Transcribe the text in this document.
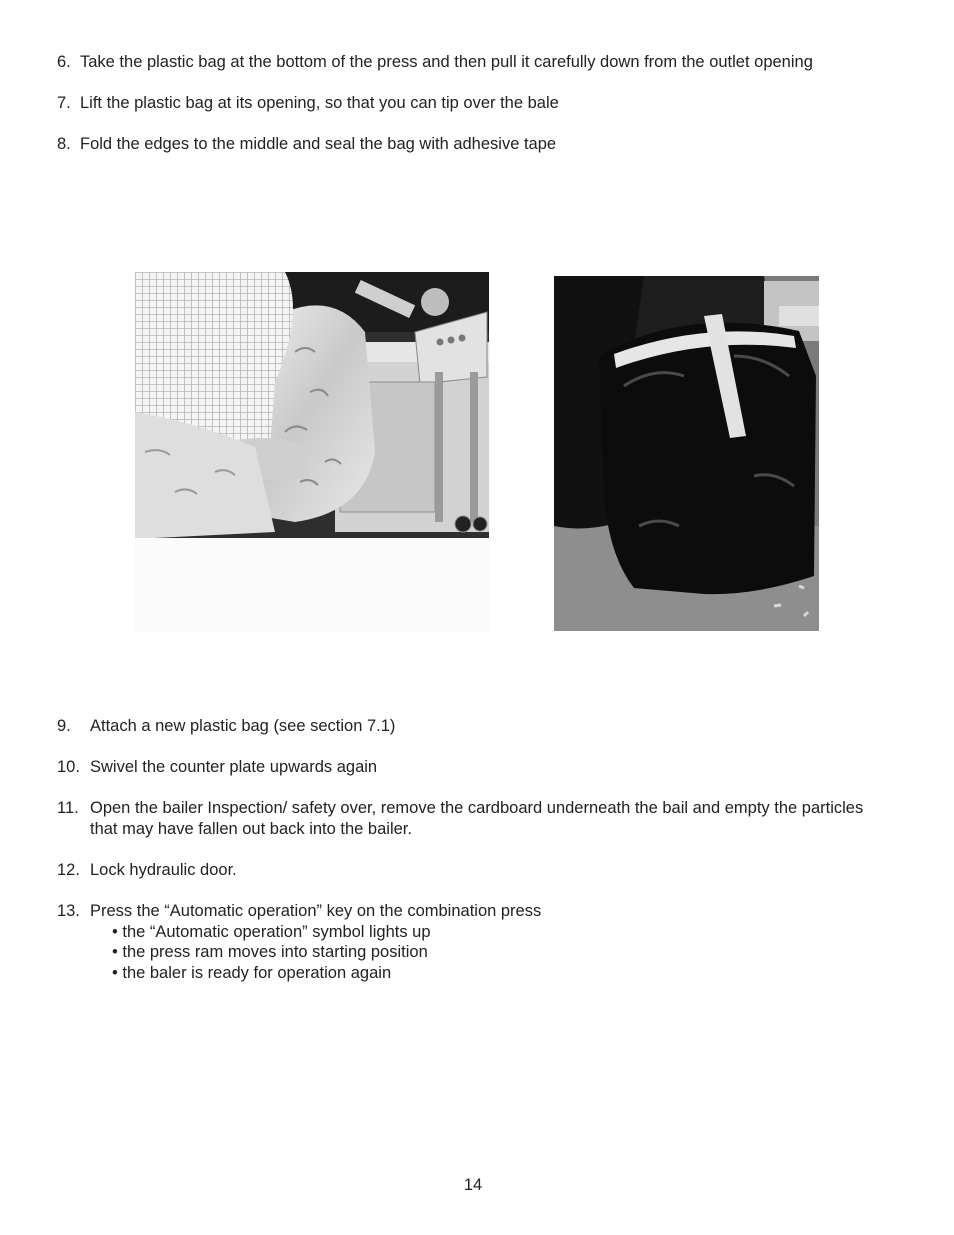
6. Take the plastic bag at the bottom of the press and then pull it carefully down from the outlet opening
7. Lift the plastic bag at its opening, so that you can tip over the bale
8. Fold the edges to the middle and seal the bag with adhesive tape
9. Attach a new plastic bag (see section 7.1)
10. Swivel the counter plate upwards again
11. Open the bailer Inspection/ safety over, remove the cardboard underneath the bail and empty the particles
that may have fallen out back into the bailer.
12. Lock hydraulic door.
13. Press the “Automatic operation” key on the combination press
• the “Automatic operation” symbol lights up
• the press ram moves into starting position
• the baler is ready for operation again
14
